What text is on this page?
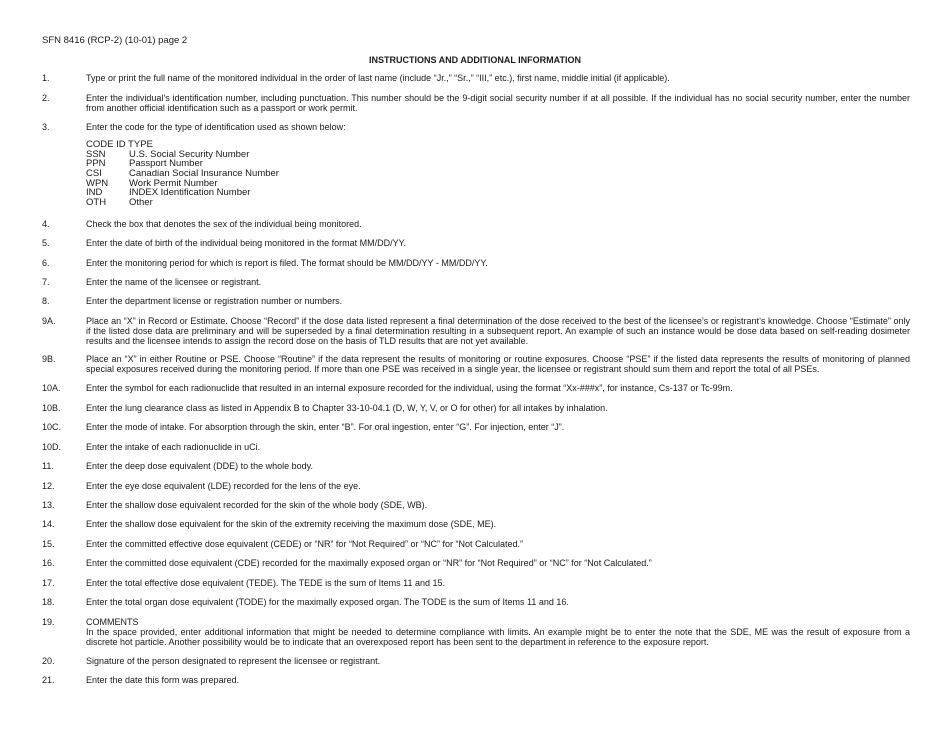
SFN 8416 (RCP-2) (10-01) page 2
INSTRUCTIONS AND ADDITIONAL INFORMATION
1.	Type or print the full name of the monitored individual in the order of last name (include “Jr.,” “Sr.,” “III,” etc.), first name, middle initial (if applicable).
2.	Enter the individual’s identification number, including punctuation. This number should be the 9-digit social security number if at all possible. If the individual has no social security number, enter the number from another official identification such as a passport or work permit.
3.	Enter the code for the type of identification used as shown below:
CODE ID TYPE
SSN U.S. Social Security Number
PPN Passport Number
CSI	Canadian Social Insurance Number
WPN Work Permit Number
IND	INDEX Identification Number
OTH Other
4.	Check the box that denotes the sex of the individual being monitored.
5.	Enter the date of birth of the individual being monitored in the format MM/DD/YY.
6.	Enter the monitoring period for which is report is filed. The format should be MM/DD/YY - MM/DD/YY.
7.	Enter the name of the licensee or registrant.
8.	Enter the department license or registration number or numbers.
9A.	Place an “X” in Record or Estimate. Choose “Record” if the dose data listed represent a final determination of the dose received to the best of the licensee’s or registrant’s knowledge. Choose “Estimate” only if the listed dose data are preliminary and will be superseded by a final determination resulting in a subsequent report. An example of such an instance would be dose data based on self-reading dosimeter results and the licensee intends to assign the record dose on the basis of TLD results that are not yet available.
9B.	Place an “X” in either Routine or PSE. Choose “Routine” if the data represent the results of monitoring or routine exposures. Choose “PSE” if the listed data represents the results of monitoring of planned special exposures received during the monitoring period. If more than one PSE was received in a single year, the licensee or registrant should sum them and report the total of all PSEs.
10A.	Enter the symbol for each radionuclide that resulted in an internal exposure recorded for the individual, using the format “Xx-###x”, for instance, Cs-137 or Tc-99m.
10B.	Enter the lung clearance class as listed in Appendix B to Chapter 33-10-04.1 (D, W, Y, V, or O for other) for all intakes by inhalation.
10C.	Enter the mode of intake. For absorption through the skin, enter “B”. For oral ingestion, enter “G”. For injection, enter “J”.
10D.	Enter the intake of each radionuclide in uCi.
11.	Enter the deep dose equivalent (DDE) to the whole body.
12.	Enter the eye dose equivalent (LDE) recorded for the lens of the eye.
13.	Enter the shallow dose equivalent recorded for the skin of the whole body (SDE, WB).
14.	Enter the shallow dose equivalent for the skin of the extremity receiving the maximum dose (SDE, ME).
15.	Enter the committed effective dose equivalent (CEDE) or “NR” for “Not Required” or “NC” for “Not Calculated.”
16.	Enter the committed dose equivalent (CDE) recorded for the maximally exposed organ or “NR” for “Not Required” or “NC” for “Not Calculated.”
17.	Enter the total effective dose equivalent (TEDE). The TEDE is the sum of Items 11 and 15.
18.	Enter the total organ dose equivalent (TODE) for the maximally exposed organ. The TODE is the sum of Items 11 and 16.
19.	COMMENTS
In the space provided, enter additional information that might be needed to determine compliance with limits. An example might be to enter the note that the SDE, ME was the result of exposure from a discrete hot particle. Another possibility would be to indicate that an overexposed report has been sent to the department in reference to the exposure report.
20.	Signature of the person designated to represent the licensee or registrant.
21.	Enter the date this form was prepared.
